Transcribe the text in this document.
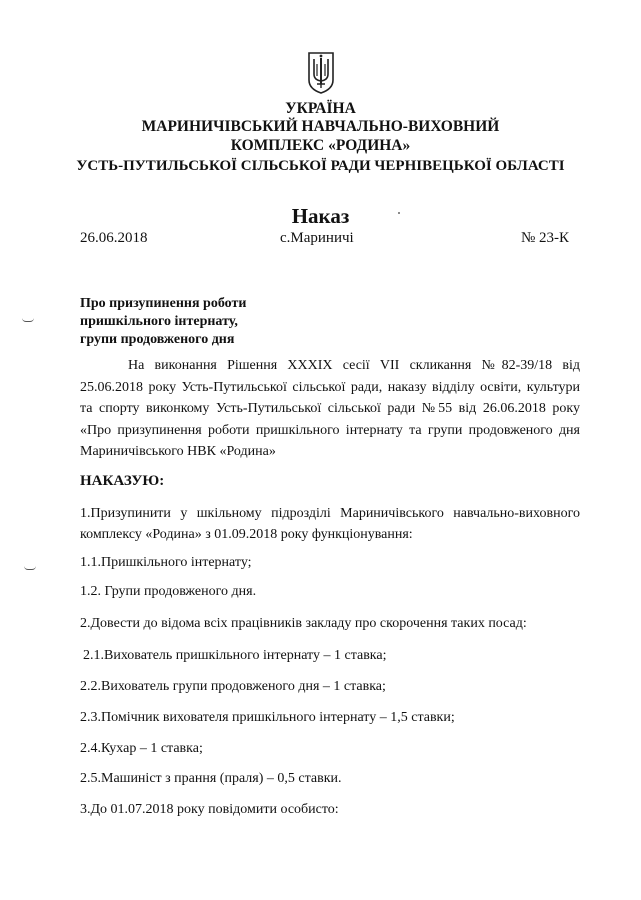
УКРАЇНА
МАРИНИЧІВСЬКИЙ НАВЧАЛЬНО-ВИХОВНИЙ
КОМПЛЕКС «РОДИНА»
УСТЬ-ПУТИЛЬСЬКОЇ СІЛЬСЬКОЇ РАДИ ЧЕРНІВЕЦЬКОЇ ОБЛАСТІ
Наказ
26.06.2018	с.Мариничі	№ 23-К
Про призупинення роботи
пришкільного інтернату,
групи продовженого дня
На виконання Рішення XXXIX сесії VII скликання №82-39/18 від 25.06.2018 року Усть-Путильської сільської ради, наказу відділу освіти, культури та спорту виконкому Усть-Путильської сільської ради №55 від 26.06.2018 року «Про призупинення роботи пришкільного інтернату та групи продовженого дня Мариничівського НВК «Родина»
НАКАЗУЮ:
1.Призупинити у шкільному підрозділі Мариничівського навчально-виховного комплексу «Родина» з 01.09.2018 року функціонування:
1.1.Пришкільного інтернату;
1.2. Групи продовженого дня.
2.Довести до відома всіх працівників закладу про скорочення таких посад:
2.1.Вихователь пришкільного інтернату – 1 ставка;
2.2.Вихователь групи продовженого дня – 1 ставка;
2.3.Помічник вихователя пришкільного інтернату – 1,5 ставки;
2.4.Кухар – 1 ставка;
2.5.Машиніст з прання (праля) – 0,5 ставки.
3.До 01.07.2018 року повідомити особисто:
